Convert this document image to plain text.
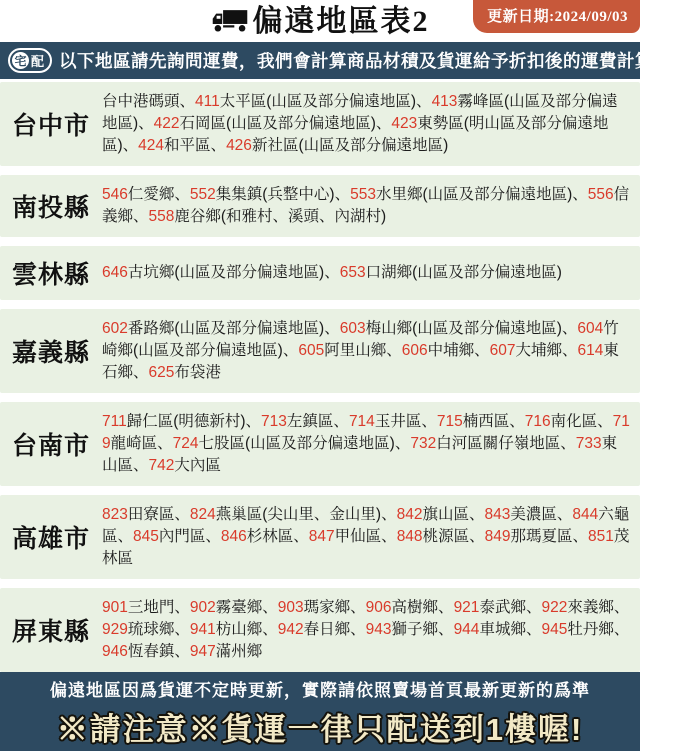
偏遠地區表2	更新日期:2024/09/03
宅 配 以下地區請先詢問運費，我們會計算商品材積及貨運給予折扣後的運費計算給您
台中市
台中港碼頭、411太平區(山區及部分偏遠地區)、413霧峰區(山區及部分偏遠地區)、422石岡區(山區及部分偏遠地區)、423東勢區(明山區及部分偏遠地區)、424和平區、426新社區(山區及部分偏遠地區)
南投縣 546仁愛鄉、552集集鎮(兵整中心)、553水里鄉(山區及部分偏遠地區)、556信義鄉、558鹿谷鄉(和雅村、溪頭、內湖村)
雲林縣 646古坑鄉(山區及部分偏遠地區)、653口湖鄉(山區及部分偏遠地區)
嘉義縣
602番路鄉(山區及部分偏遠地區)、603梅山鄉(山區及部分偏遠地區)、604竹崎鄉(山區及部分偏遠地區)、605阿里山鄉、606中埔鄉、607大埔鄉、614東石鄉、625布袋港
台南市
711歸仁區(明德新村)、713左鎮區、714玉井區、715楠西區、716南化區、719龍崎區、724七股區(山區及部分偏遠地區)、732白河區關仔嶺地區、733東山區、742大內區
高雄市
823田寮區、824燕巢區(尖山里、金山里)、842旗山區、843美濃區、844六龜區、845內門區、846杉林區、847甲仙區、848桃源區、849那瑪夏區、851茂林區
屏東縣
901三地門、902霧臺鄉、903瑪家鄉、906高樹鄉、921泰武鄉、922來義鄉、929琉球鄉、941枋山鄉、942春日鄉、943獅子鄉、944車城鄉、945牡丹鄉、946恆春鎮、947滿州鄉
偏遠地區因爲貨運不定時更新，實際請依照賣場首頁最新更新的爲準
※請注意※貨運一律只配送到1樓喔!
